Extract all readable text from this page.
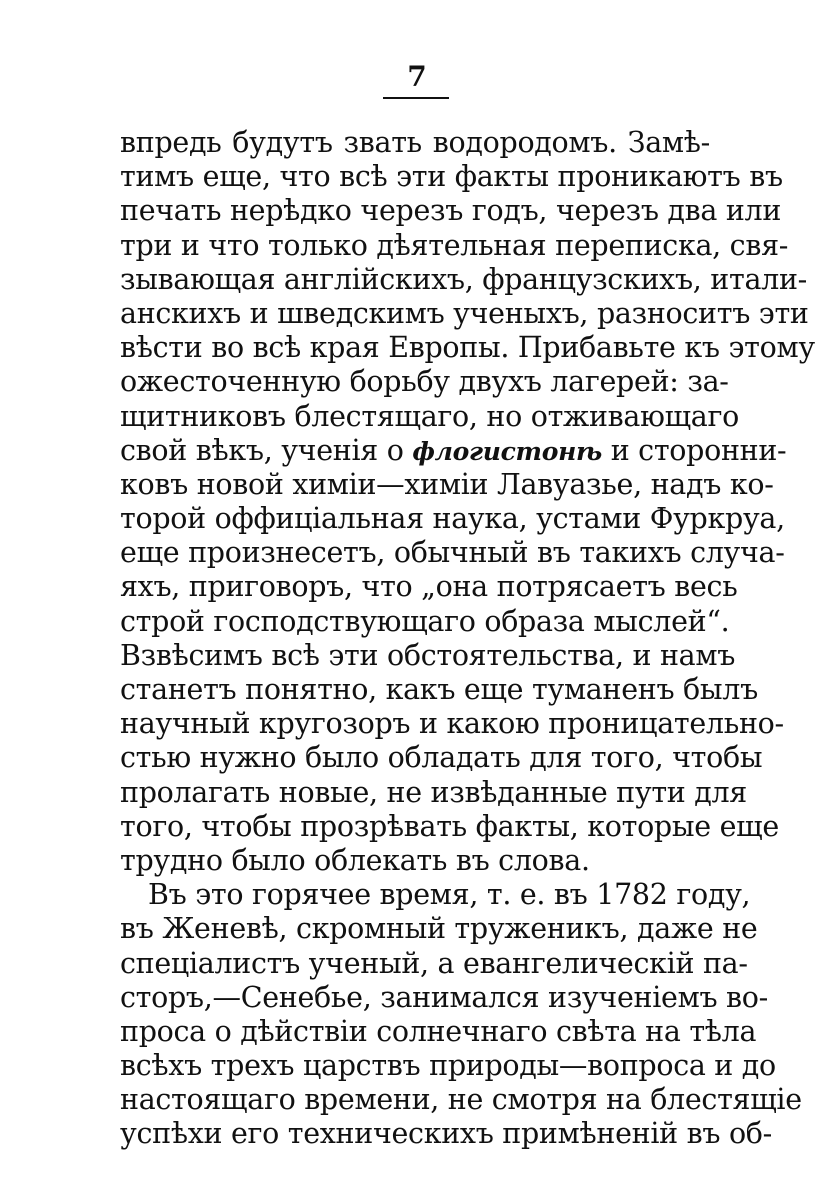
7
впредь будутъ звать водородомъ. Замѣ-
тимъ еще, что всѣ эти факты проникаютъ въ
печать нерѣдко черезъ годъ, черезъ два или
три и что только дѣятельная переписка, свя-
зывающая англійскихъ, французскихъ, итали-
анскихъ и шведскимъ ученыхъ, разноситъ эти
вѣсти во всѣ края Европы. Прибавьте къ этому
ожесточенную борьбу двухъ лагерей: за-
щитниковъ блестящаго, но отживающаго
свой вѣкъ, ученія о флогистонѣ и сторонни-
ковъ новой химіи—химіи Лавуазье, надъ ко-
торой оффиціальная наука, устами Фуркруа,
еще произнесетъ, обычный въ такихъ случа-
яхъ, приговоръ, что „она потрясаетъ весь
строй господствующаго образа мыслей“.
Взвѣсимъ всѣ эти обстоятельства, и намъ
станетъ понятно, какъ еще туманенъ былъ
научный кругозоръ и какою проницательно-
стью нужно было обладать для того, чтобы
пролагать новые, не извѣданные пути для
того, чтобы прозрѣвать факты, которые еще
трудно было облекать въ слова.
Въ это горячее время, т. е. въ 1782 году,
въ Женевѣ, скромный труженикъ, даже не
спеціалистъ ученый, а евангелическій па-
сторъ,—Сенебье, занимался изученіемъ во-
проса о дѣйствіи солнечнаго свѣта на тѣла
всѣхъ трехъ царствъ природы—вопроса и до
настоящаго времени, не смотря на блестящіе
успѣхи его техническихъ примѣненій въ об-
